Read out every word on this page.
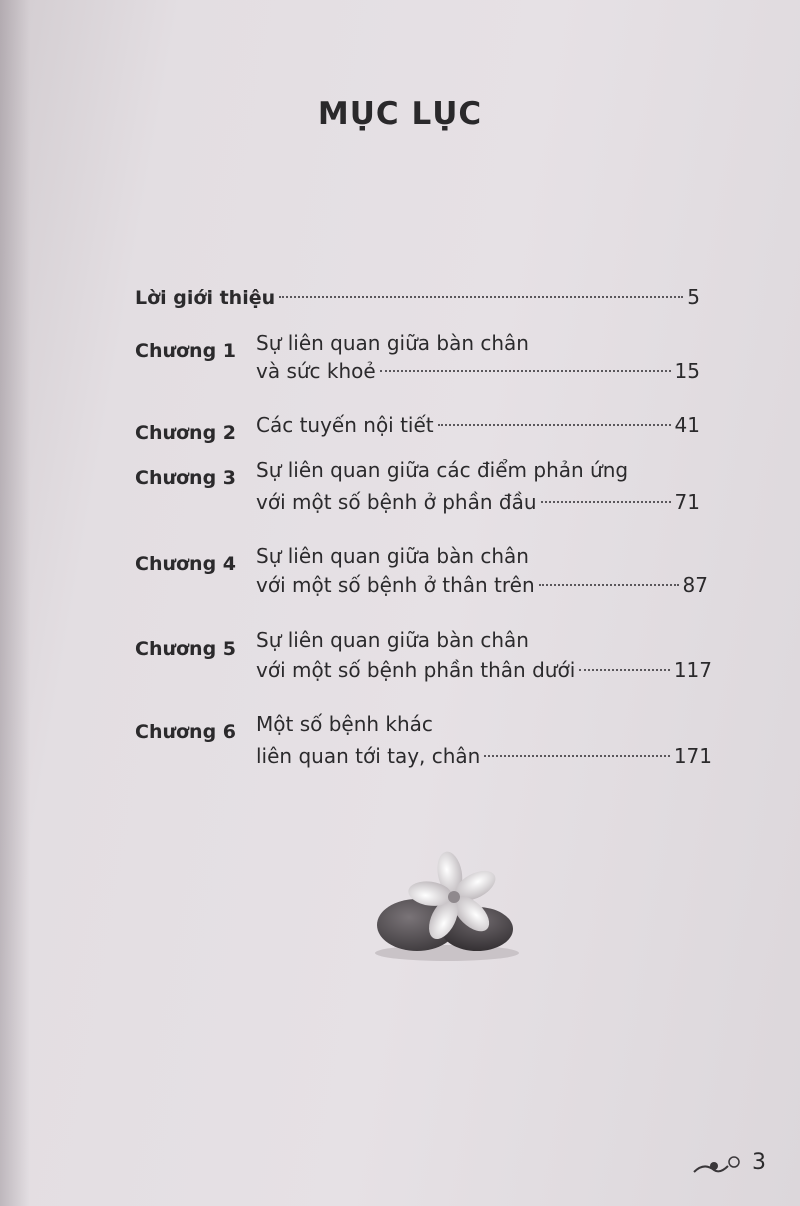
MỤC LỤC
Lời giới thiệu	5
Chương 1 Sự liên quan giữa bàn chân
và sức khoẻ	15
Chương 2 Các tuyến nội tiết	41
Chương 3 Sự liên quan giữa các điểm phản ứng
với một số bệnh ở phần đầu	71
Chương 4 Sự liên quan giữa bàn chân
với một số bệnh ở thân trên	87
Chương 5 Sự liên quan giữa bàn chân
với một số bệnh phần thân dưới	117
Chương 6 Một số bệnh khác
liên quan tới tay, chân	171
3
